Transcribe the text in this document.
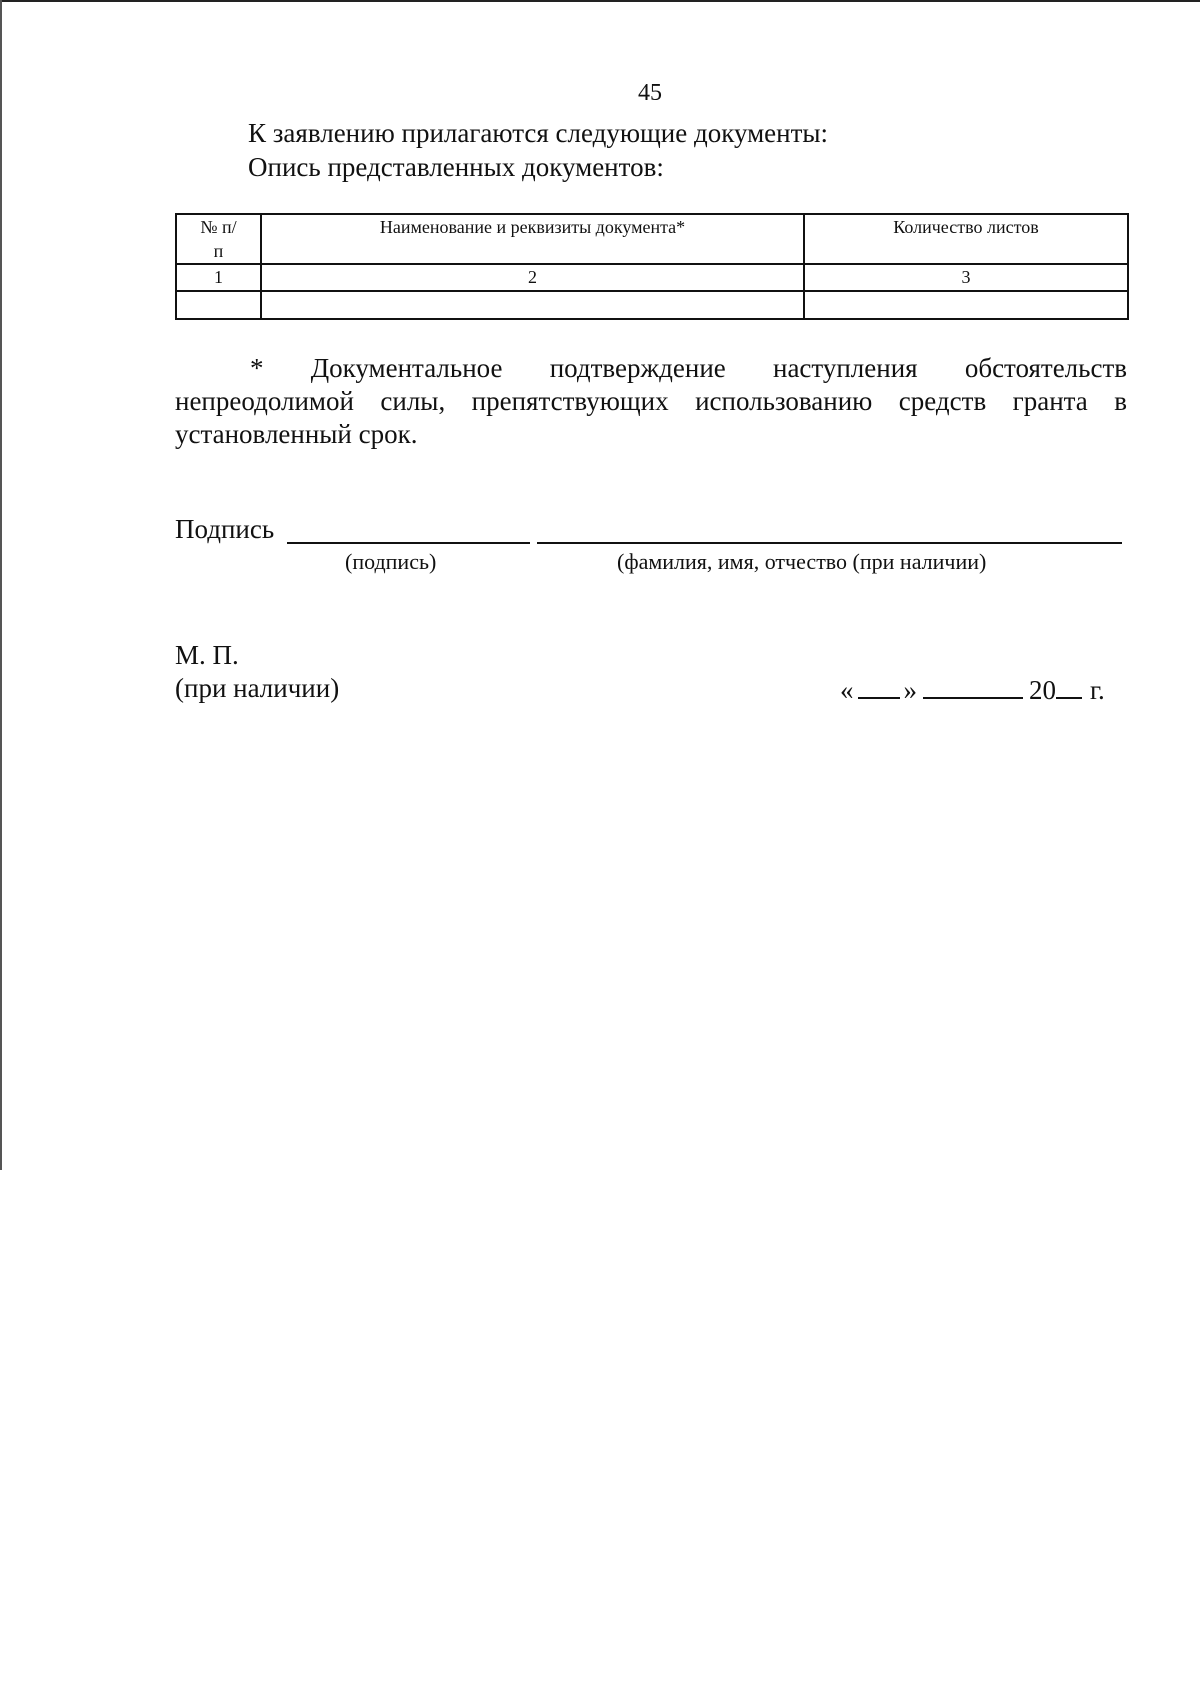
45
К заявлению прилагаются следующие документы:
Опись представленных документов:
№ п/п	Наименование и реквизиты документа*	Количество листов
1	2	3

* Документальное подтверждение наступления обстоятельств непреодолимой силы, препятствующих использованию средств гранта в установленный срок.
Подпись
(подпись)	(фамилия, имя, отчество (при наличии)
М. П.
(при наличии)	« »	20 г.
